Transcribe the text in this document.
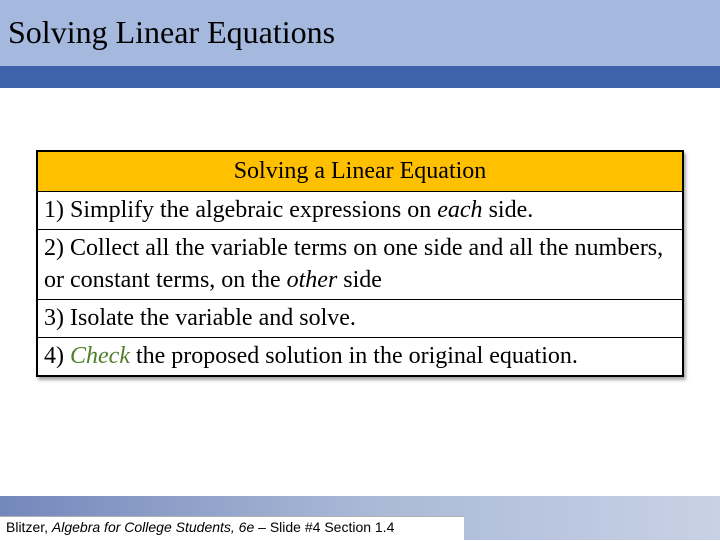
Solving Linear Equations
Solving a Linear Equation
1) Simplify the algebraic expressions on each side.
2) Collect all the variable terms on one side and all the numbers, or constant terms, on the other side
3) Isolate the variable and solve.
4) Check the proposed solution in the original equation.
Blitzer, Algebra for College Students, 6e – Slide #4 Section 1.4
